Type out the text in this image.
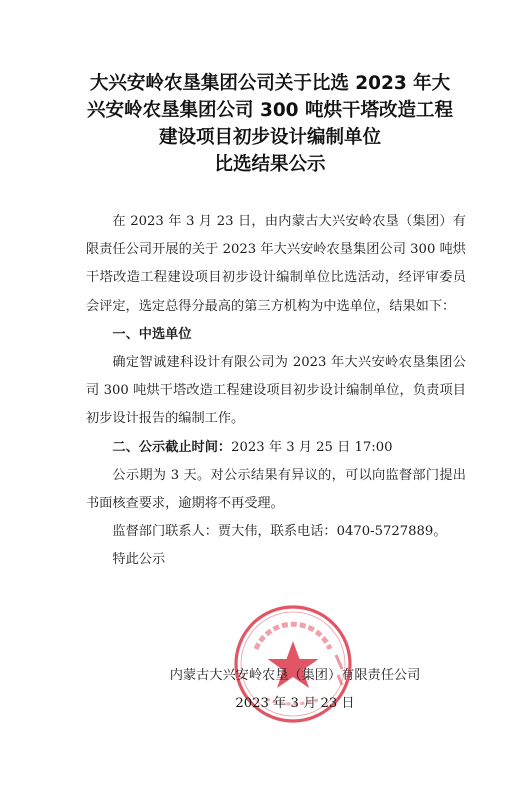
大兴安岭农垦集团公司关于比选 2023 年大
兴安岭农垦集团公司 300 吨烘干塔改造工程
建设项目初步设计编制单位
比选结果公示

在 2023 年 3 月 23 日，由内蒙古大兴安岭农垦（集团）有限责任公司开展的关于 2023 年大兴安岭农垦集团公司 300 吨烘干塔改造工程建设项目初步设计编制单位比选活动，经评审委员会评定，选定总得分最高的第三方机构为中选单位，结果如下：

一、中选单位

确定智诚建科设计有限公司为 2023 年大兴安岭农垦集团公司 300 吨烘干塔改造工程建设项目初步设计编制单位，负责项目初步设计报告的编制工作。

二、公示截止时间：2023 年 3 月 25 日 17:00

公示期为 3 天。对公示结果有异议的，可以向监督部门提出书面核查要求，逾期将不再受理。

监督部门联系人：贾大伟，联系电话：0470-5727889。

特此公示

内蒙古大兴安岭农垦（集团）有限责任公司
2023 年 3 月 23 日
